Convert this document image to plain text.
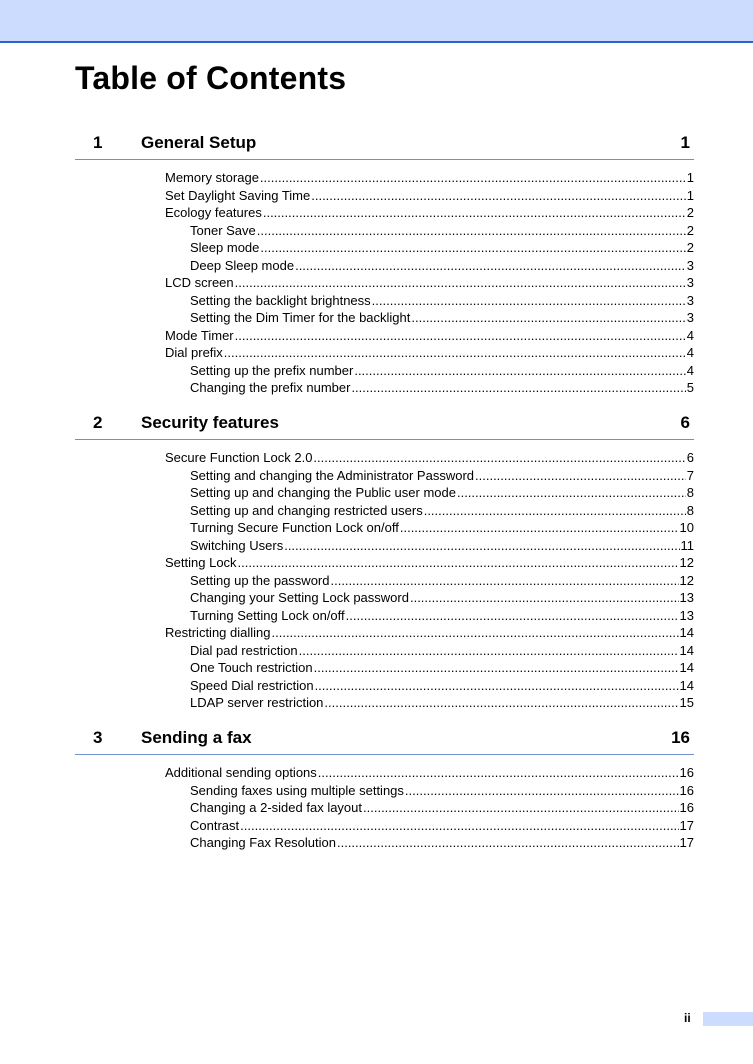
Table of Contents
1 General Setup	1
Memory storage .....	1
Set Daylight Saving Time .....	1
Ecology features .....	2
Toner Save .....	2
Sleep mode .....	2
Deep Sleep mode .....	3
LCD screen .....	3
Setting the backlight brightness .....	3
Setting the Dim Timer for the backlight .....	3
Mode Timer .....	4
Dial prefix .....	4
Setting up the prefix number .....	4
Changing the prefix number .....	5
2 Security features	6
Secure Function Lock 2.0 .....	6
Setting and changing the Administrator Password .....	7
Setting up and changing the Public user mode .....	8
Setting up and changing restricted users .....	8
Turning Secure Function Lock on/off .....	10
Switching Users .....	11
Setting Lock .....	12
Setting up the password .....	12
Changing your Setting Lock password .....	13
Turning Setting Lock on/off .....	13
Restricting dialling .....	14
Dial pad restriction .....	14
One Touch restriction .....	14
Speed Dial restriction .....	14
LDAP server restriction .....	15
3 Sending a fax	16
Additional sending options .....	16
Sending faxes using multiple settings .....	16
Changing a 2-sided fax layout .....	16
Contrast .....	17
Changing Fax Resolution .....	17
ii
